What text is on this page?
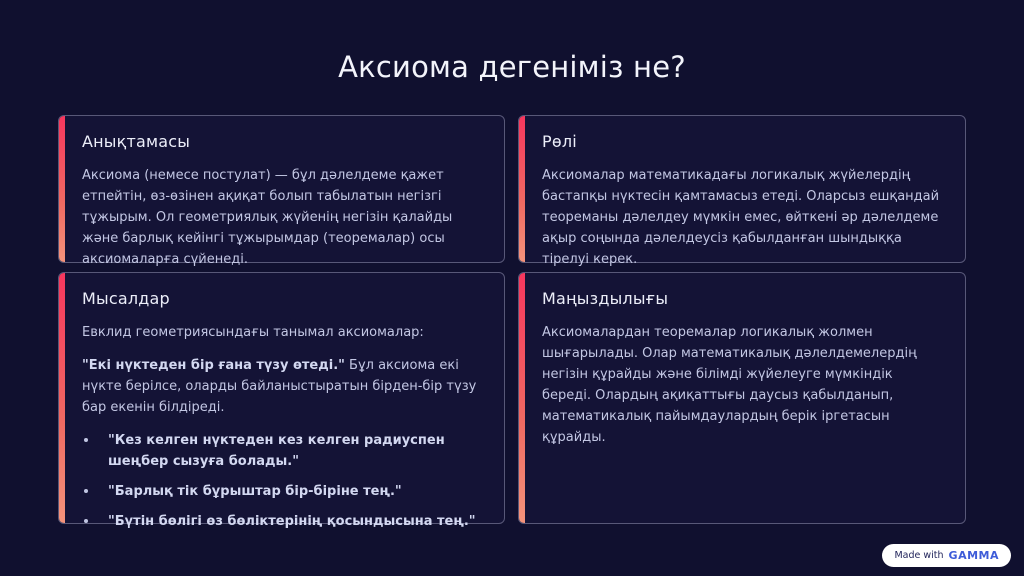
Аксиома дегеніміз не?
Анықтамасы

Аксиома (немесе постулат) — бұл дәлелдеме қажет етпейтін, өз-өзінен ақиқат болып табылатын негізгі тұжырым. Ол геометриялық жүйенің негізін қалайды және барлық кейінгі тұжырымдар (теоремалар) осы аксиомаларға сүйенеді.

Рөлі

Аксиомалар математикадағы логикалық жүйелердің бастапқы нүктесін қамтамасыз етеді. Оларсыз ешқандай теореманы дәлелдеу мүмкін емес, өйткені әр дәлелдеме ақыр соңында дәлелдеусіз қабылданған шындыққа тірелуі керек.

Мысалдар

Евклид геометриясындағы танымал аксиомалар:

"Екі нүктеден бір ғана түзу өтеді." Бұл аксиома екі нүкте берілсе, оларды байланыстыратын бірден-бір түзу бар екенін білдіреді.

"Кез келген нүктеден кез келген радиуспен шеңбер сызуға болады."
"Барлық тік бұрыштар бір-біріне тең."
"Бүтін бөлігі өз бөліктерінің қосындысына тең."
Маңыздылығы

Аксиомалардан теоремалар логикалық жолмен шығарылады. Олар математикалық дәлелдемелердің негізін құрайды және білімді жүйелеуге мүмкіндік береді. Олардың ақиқаттығы даусыз қабылданып, математикалық пайымдаулардың берік іргетасын құрайды.

Made with GAMMA
